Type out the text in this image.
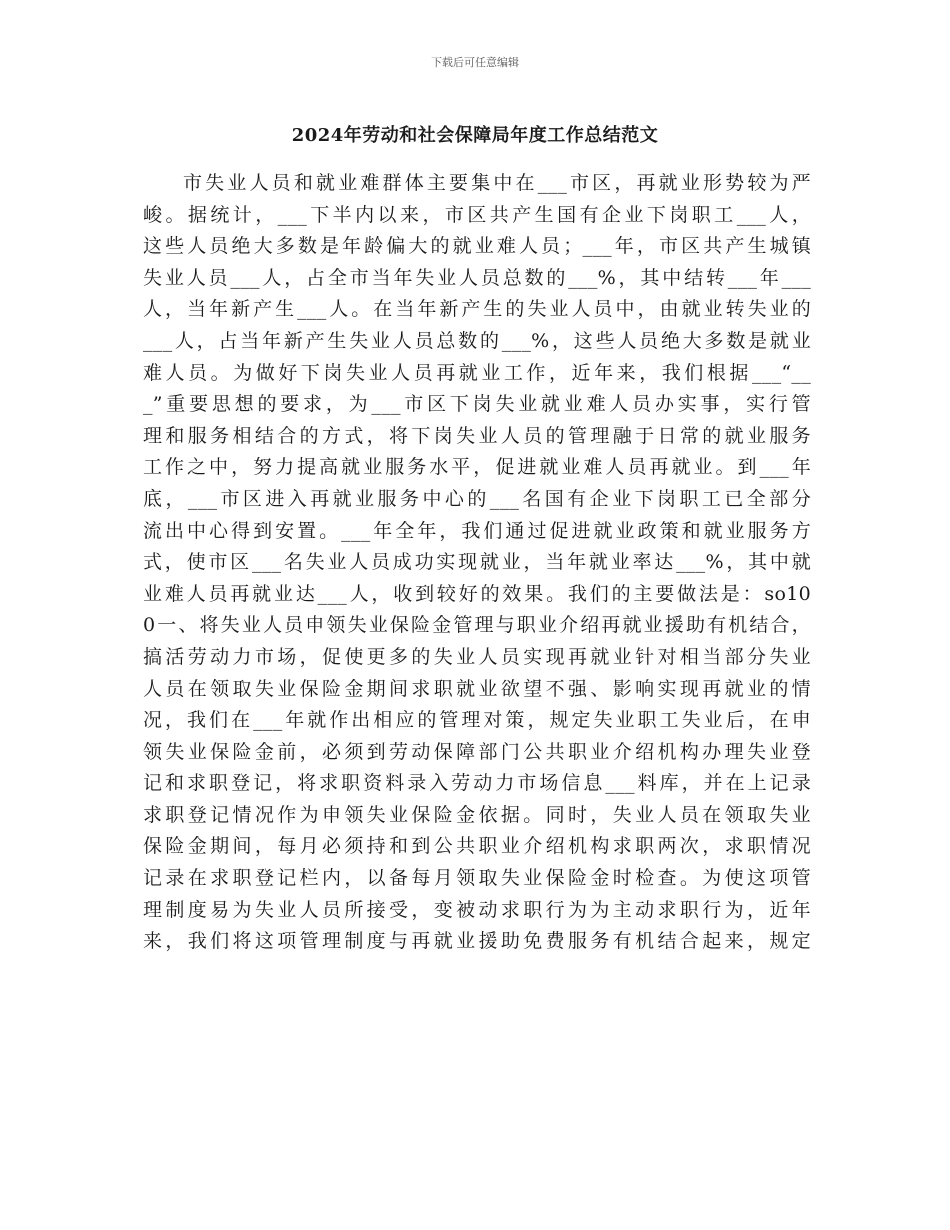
下载后可任意编辑
2024年劳动和社会保障局年度工作总结范文
市失业人员和就业难群体主要集中在___市区，再就业形势较为严
峻。据统计，___下半内以来，市区共产生国有企业下岗职工___人，
这些人员绝大多数是年龄偏大的就业难人员；___年，市区共产生城镇
失业人员___人，占全市当年失业人员总数的___%，其中结转___年___
人，当年新产生___人。在当年新产生的失业人员中，由就业转失业的
___人，占当年新产生失业人员总数的___%，这些人员绝大多数是就业
难人员。为做好下岗失业人员再就业工作，近年来，我们根据___“__
_”重要思想的要求，为___市区下岗失业就业难人员办实事，实行管
理和服务相结合的方式，将下岗失业人员的管理融于日常的就业服务
工作之中，努力提高就业服务水平，促进就业难人员再就业。到___年
底，___市区进入再就业服务中心的___名国有企业下岗职工已全部分
流出中心得到安置。___年全年，我们通过促进就业政策和就业服务方
式，使市区___名失业人员成功实现就业，当年就业率达___%，其中就
业难人员再就业达___人，收到较好的效果。我们的主要做法是：so10
0一、将失业人员申领失业保险金管理与职业介绍再就业援助有机结合，
搞活劳动力市场，促使更多的失业人员实现再就业针对相当部分失业
人员在领取失业保险金期间求职就业欲望不强、影响实现再就业的情
况，我们在___年就作出相应的管理对策，规定失业职工失业后，在申
领失业保险金前，必须到劳动保障部门公共职业介绍机构办理失业登
记和求职登记，将求职资料录入劳动力市场信息___料库，并在上记录
求职登记情况作为申领失业保险金依据。同时，失业人员在领取失业
保险金期间，每月必须持和到公共职业介绍机构求职两次，求职情况
记录在求职登记栏内，以备每月领取失业保险金时检查。为使这项管
理制度易为失业人员所接受，变被动求职行为为主动求职行为，近年
来，我们将这项管理制度与再就业援助免费服务有机结合起来，规定
